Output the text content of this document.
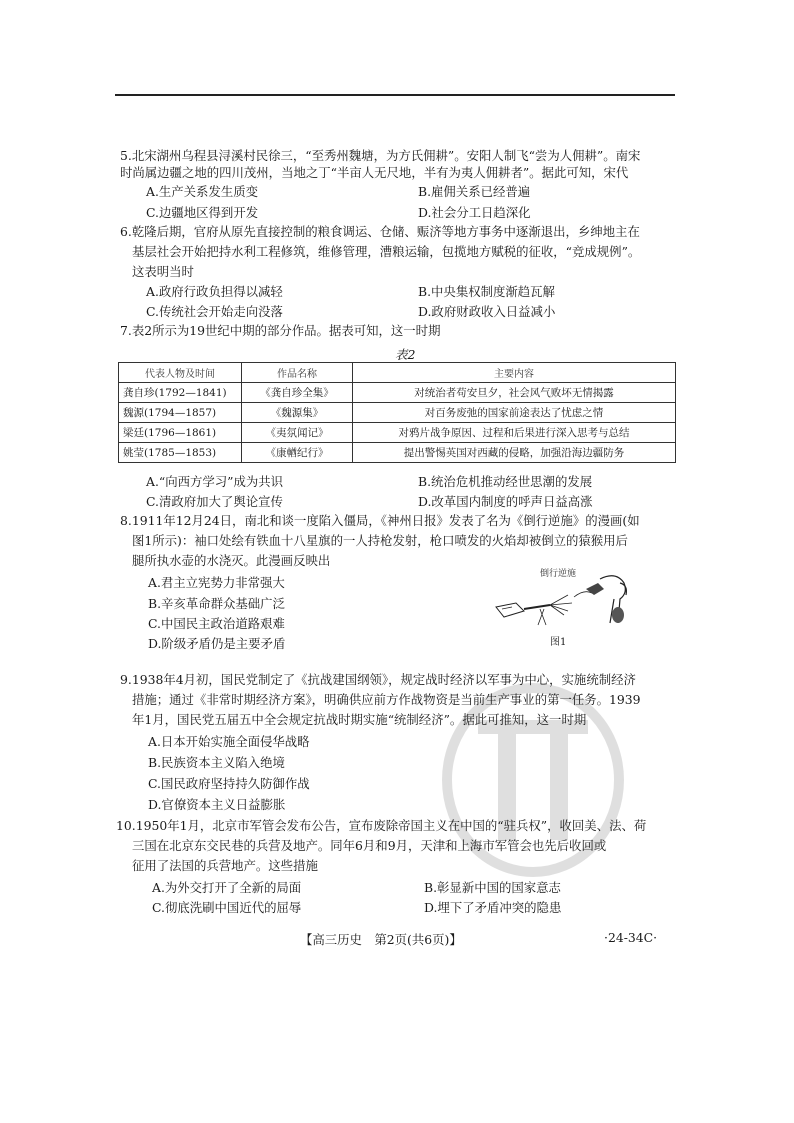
5.北宋湖州乌程县浔溪村民徐三，“至秀州魏塘，为方氏佣耕”。安阳人制飞“尝为人佣耕”。南宋
时尚属边疆之地的四川茂州，当地之丁“半亩人无尺地，半有为夷人佣耕者”。据此可知，宋代
A.生产关系发生质变	B.雇佣关系已经普遍
C.边疆地区得到开发	D.社会分工日趋深化
6.乾隆后期，官府从原先直接控制的粮食调运、仓储、赈济等地方事务中逐渐退出，乡绅地主在
基层社会开始把持水利工程修筑，维修管理，漕粮运输，包揽地方赋税的征收，“竞成规例”。
这表明当时
A.政府行政负担得以减轻	B.中央集权制度渐趋瓦解
C.传统社会开始走向没落	D.政府财政收入日益减小
7.表2所示为19世纪中期的部分作品。据表可知，这一时期
表2
代表人物及时间	作品名称	主要内容
龚自珍(1792—1841)	《龚自珍全集》	对统治者苟安旦夕，社会风气败坏无情揭露
魏源(1794—1857)	《魏源集》	对百务废弛的国家前途表达了忧虑之情
梁廷(1796—1861)	《夷氛闻记》	对鸦片战争原因、过程和后果进行深入思考与总结
姚莹(1785—1853)	《康輶纪行》	提出警惕英国对西藏的侵略，加强沿海边疆防务
A.“向西方学习”成为共识	B.统治危机推动经世思潮的发展
C.清政府加大了舆论宣传	D.改革国内制度的呼声日益高涨
8.1911年12月24日，南北和谈一度陷入僵局，《神州日报》发表了名为《倒行逆施》的漫画(如
图1所示)：袖口处绘有铁血十八星旗的一人持枪发射，枪口喷发的火焰却被倒立的猿猴用后
腿所执水壶的水浇灭。此漫画反映出
A.君主立宪势力非常强大
B.辛亥革命群众基础广泛
C.中国民主政治道路艰难
D.阶级矛盾仍是主要矛盾
倒行逆施
图1
9.1938年4月初，国民党制定了《抗战建国纲领》，规定战时经济以军事为中心，实施统制经济
措施；通过《非常时期经济方案》，明确供应前方作战物资是当前生产事业的第一任务。1939
年1月，国民党五届五中全会规定抗战时期实施“统制经济”。据此可推知，这一时期
A.日本开始实施全面侵华战略
B.民族资本主义陷入绝境
C.国民政府坚持持久防御作战
D.官僚资本主义日益膨胀
10.1950年1月，北京市军管会发布公告，宣布废除帝国主义在中国的“驻兵权”，收回美、法、荷
三国在北京东交民巷的兵营及地产。同年6月和9月，天津和上海市军管会也先后收回或
征用了法国的兵营地产。这些措施
A.为外交打开了全新的局面	B.彰显新中国的国家意志
C.彻底洗刷中国近代的屈辱	D.埋下了矛盾冲突的隐患
【高三历史　第2页(共6页)】	·24-34C·
